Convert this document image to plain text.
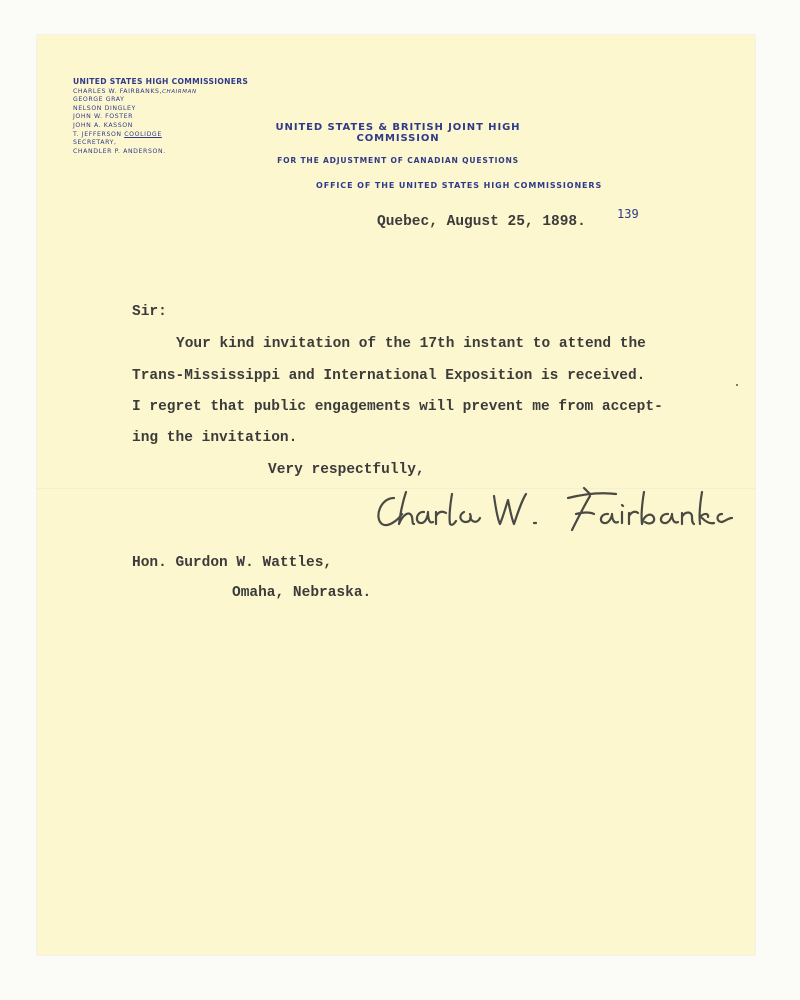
UNITED STATES HIGH COMMISSIONERS
CHARLES W. FAIRBANKS,CHAIRMAN
GEORGE GRAY
NELSON DINGLEY
JOHN W. FOSTER
JOHN A. KASSON
T. JEFFERSON COOLIDGE
SECRETARY,
CHANDLER P. ANDERSON.
UNITED STATES & BRITISH JOINT HIGH COMMISSION
FOR THE ADJUSTMENT OF CANADIAN QUESTIONS
OFFICE OF THE UNITED STATES HIGH COMMISSIONERS
Quebec, August 25, 1898.	139
Sir:
Your kind invitation of the 17th instant to attend the
Trans-Mississippi and International Exposition is received.
I regret that public engagements will prevent me from accept-
ing the invitation.
Very respectfully,
Hon. Gurdon W. Wattles,
Omaha, Nebraska.
